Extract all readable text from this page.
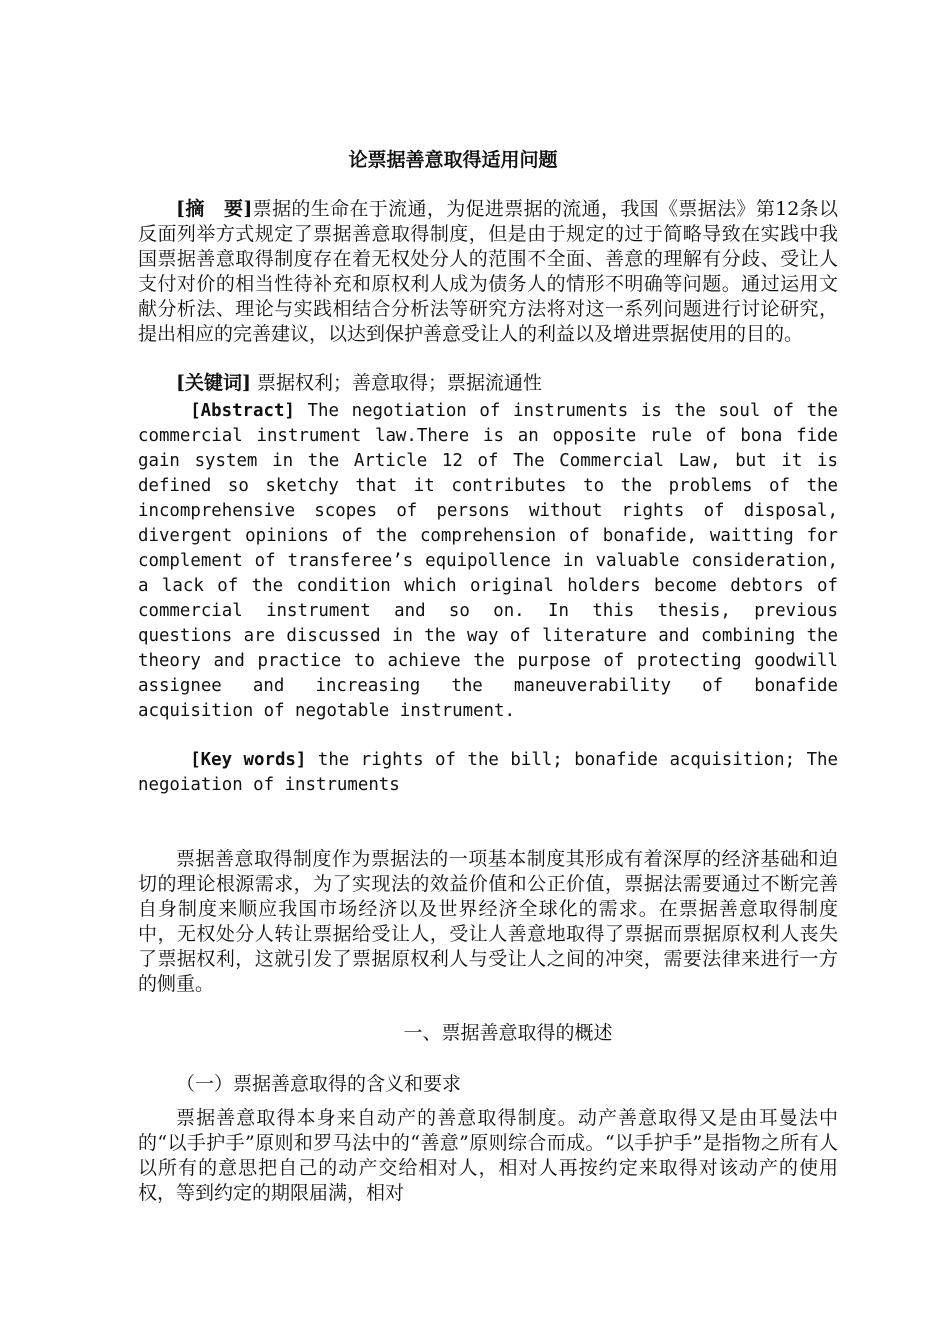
论票据善意取得适用问题

[摘　要]票据的生命在于流通，为促进票据的流通，我国《票据法》第12条以反面列举方式规定了票据善意取得制度，但是由于规定的过于简略导致在实践中我国票据善意取得制度存在着无权处分人的范围不全面、善意的理解有分歧、受让人支付对价的相当性待补充和原权利人成为债务人的情形不明确等问题。通过运用文献分析法、理论与实践相结合分析法等研究方法将对这一系列问题进行讨论研究，提出相应的完善建议，以达到保护善意受让人的利益以及增进票据使用的目的。

[关键词] 票据权利；善意取得；票据流通性

[Abstract] The negotiation of instruments is the soul of the commercial instrument law.There is an opposite rule of bona fide gain system in the Article 12 of The Commercial Law, but it is defined so sketchy that it contributes to the problems of the incomprehensive scopes of persons without rights of disposal, divergent opinions of the comprehension of bonafide, waitting for complement of transferee’s equipollence in valuable consideration, a lack of the condition which original holders become debtors of commercial instrument and so on. In this thesis, previous questions are discussed in the way of literature and combining the theory and practice to achieve the purpose of protecting goodwill assignee and increasing the maneuverability of bonafide acquisition of negotable instrument.

[Key words] the rights of the bill; bonafide acquisition; The negoiation of instruments

票据善意取得制度作为票据法的一项基本制度其形成有着深厚的经济基础和迫切的理论根源需求，为了实现法的效益价值和公正价值，票据法需要通过不断完善自身制度来顺应我国市场经济以及世界经济全球化的需求。在票据善意取得制度中，无权处分人转让票据给受让人，受让人善意地取得了票据而票据原权利人丧失了票据权利，这就引发了票据原权利人与受让人之间的冲突，需要法律来进行一方的侧重。

一、票据善意取得的概述

（一）票据善意取得的含义和要求

票据善意取得本身来自动产的善意取得制度。动产善意取得又是由耳曼法中的“以手护手”原则和罗马法中的“善意”原则综合而成。“以手护手”是指物之所有人以所有的意思把自己的动产交给相对人，相对人再按约定来取得对该动产的使用权，等到约定的期限届满，相对
